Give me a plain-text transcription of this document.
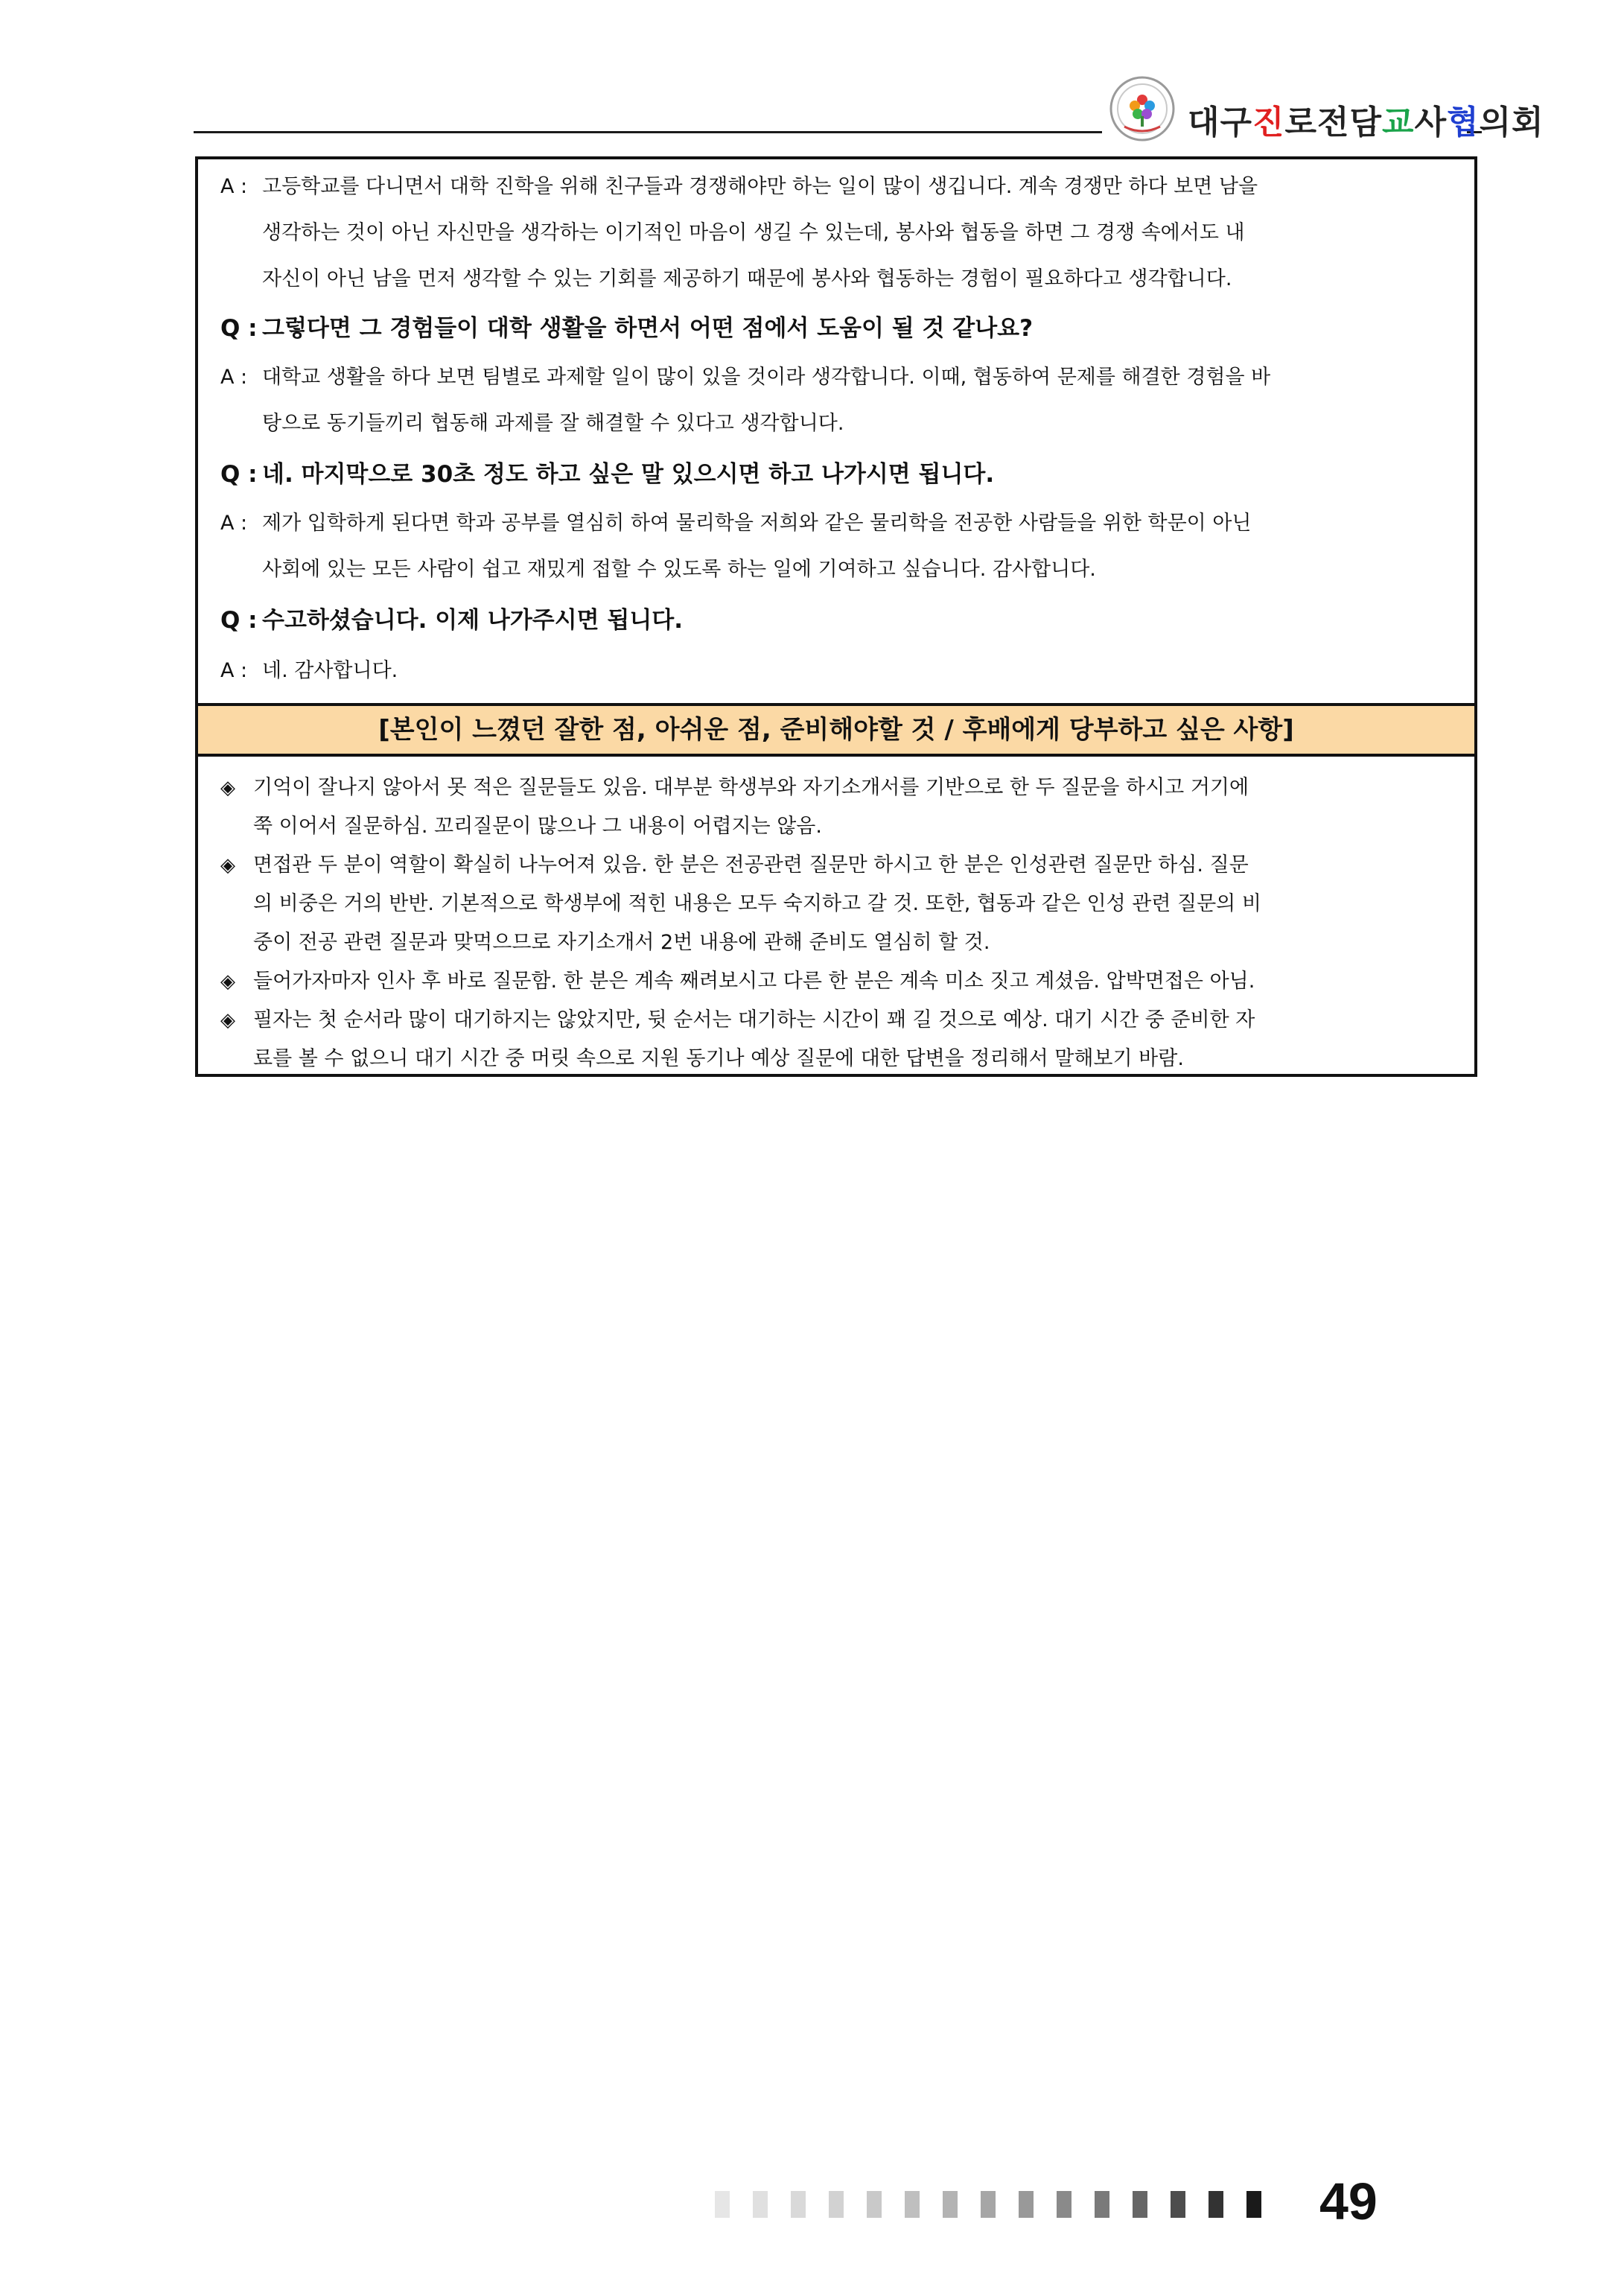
대구진로전담교사협의회
A : 고등학교를 다니면서 대학 진학을 위해 친구들과 경쟁해야만 하는 일이 많이 생깁니다. 계속 경쟁만 하다 보면 남을
생각하는 것이 아닌 자신만을 생각하는 이기적인 마음이 생길 수 있는데, 봉사와 협동을 하면 그 경쟁 속에서도 내
자신이 아닌 남을 먼저 생각할 수 있는 기회를 제공하기 때문에 봉사와 협동하는 경험이 필요하다고 생각합니다.
Q : 그렇다면 그 경험들이 대학 생활을 하면서 어떤 점에서 도움이 될 것 같나요?
A : 대학교 생활을 하다 보면 팀별로 과제할 일이 많이 있을 것이라 생각합니다. 이때, 협동하여 문제를 해결한 경험을 바
탕으로 동기들끼리 협동해 과제를 잘 해결할 수 있다고 생각합니다.
Q : 네. 마지막으로 30초 정도 하고 싶은 말 있으시면 하고 나가시면 됩니다.
A : 제가 입학하게 된다면 학과 공부를 열심히 하여 물리학을 저희와 같은 물리학을 전공한 사람들을 위한 학문이 아닌
사회에 있는 모든 사람이 쉽고 재밌게 접할 수 있도록 하는 일에 기여하고 싶습니다. 감사합니다.
Q : 수고하셨습니다. 이제 나가주시면 됩니다.
A : 네. 감사합니다.
[본인이 느꼈던 잘한 점, 아쉬운 점, 준비해야할 것 / 후배에게 당부하고 싶은 사항]
◈ 기억이 잘나지 않아서 못 적은 질문들도 있음. 대부분 학생부와 자기소개서를 기반으로 한 두 질문을 하시고 거기에
쭉 이어서 질문하심. 꼬리질문이 많으나 그 내용이 어렵지는 않음.
◈ 면접관 두 분이 역할이 확실히 나누어져 있음. 한 분은 전공관련 질문만 하시고 한 분은 인성관련 질문만 하심. 질문
의 비중은 거의 반반. 기본적으로 학생부에 적힌 내용은 모두 숙지하고 갈 것. 또한, 협동과 같은 인성 관련 질문의 비
중이 전공 관련 질문과 맞먹으므로 자기소개서 2번 내용에 관해 준비도 열심히 할 것.
◈ 들어가자마자 인사 후 바로 질문함. 한 분은 계속 째려보시고 다른 한 분은 계속 미소 짓고 계셨음. 압박면접은 아님.
◈ 필자는 첫 순서라 많이 대기하지는 않았지만, 뒷 순서는 대기하는 시간이 꽤 길 것으로 예상. 대기 시간 중 준비한 자
료를 볼 수 없으니 대기 시간 중 머릿 속으로 지원 동기나 예상 질문에 대한 답변을 정리해서 말해보기 바람.
49
